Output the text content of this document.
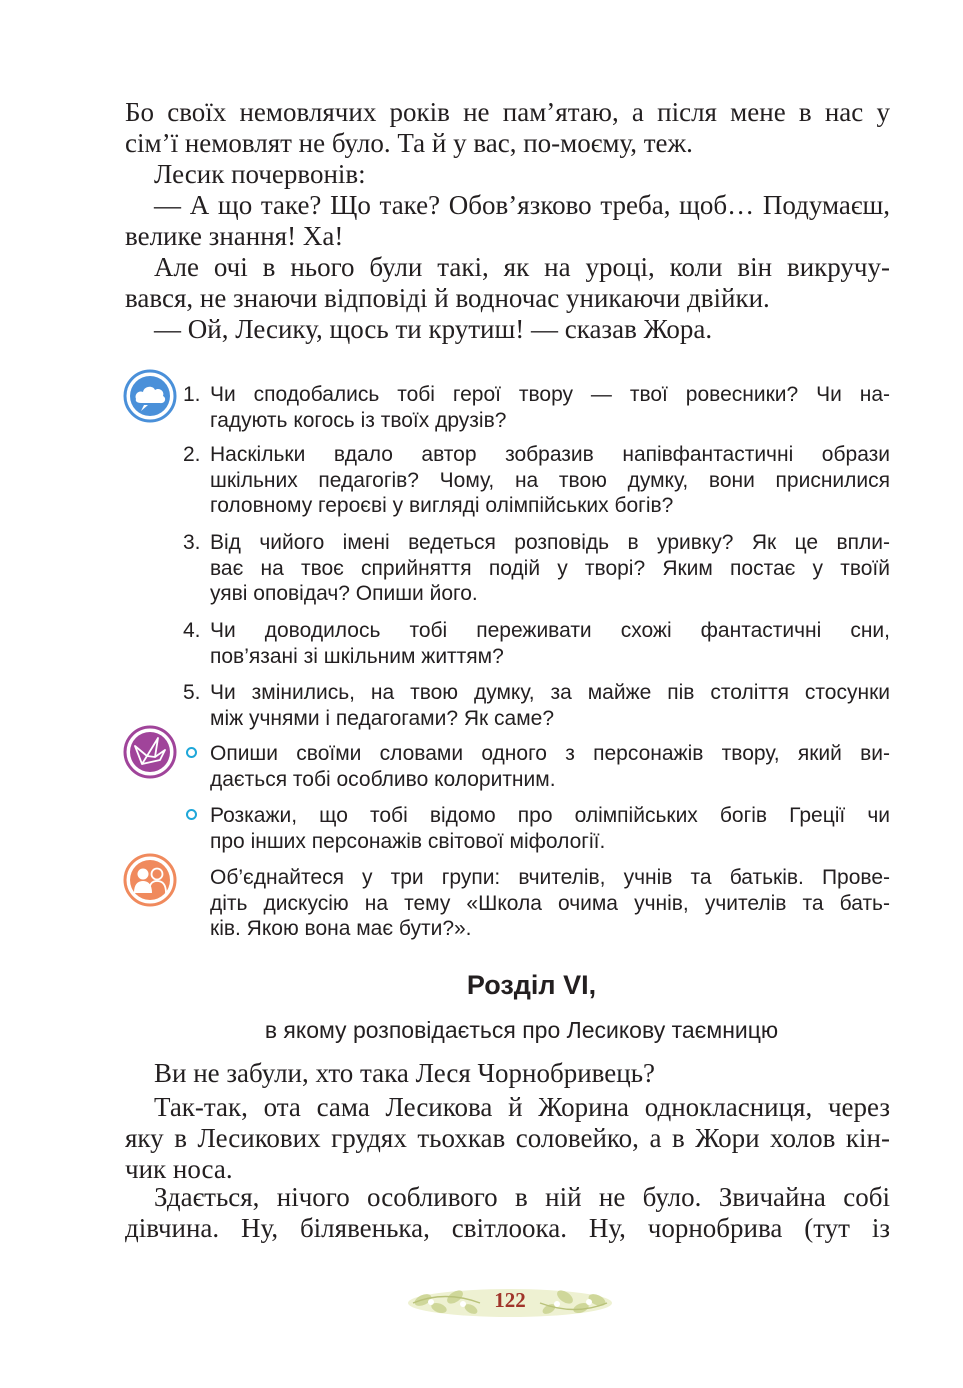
Бо своїх немовлячих років не пам’ятаю, а після мене в нас у
сім’ї немовлят не було. Та й у вас, по-моєму, теж.

Лесик почервонів:

— А що таке? Що таке? Обов’язково треба, щоб… Подумаєш,
велике знання! Ха!

Але очі в нього були такі, як на уроці, коли він викручу-
вався, не знаючи відповіді й водночас уникаючи двійки.

— Ой, Лесику, щось ти крутиш! — сказав Жора.

1. Чи сподобались тобі герої твору — твої ровесники? Чи на-
гадують когось із твоїх друзів?
2. Наскільки вдало автор зобразив напівфантастичні образи
шкільних педагогів? Чому, на твою думку, вони приснилися
головному героєві у вигляді олімпійських богів?
3. Від чийого імені ведеться розповідь в уривку? Як це впли-
ває на твоє сприйняття подій у творі? Яким постає у твоїй
уяві оповідач? Опиши його.
4. Чи доводилось тобі переживати схожі фантастичні сни,
пов’язані зі шкільним життям?
5. Чи змінились, на твою думку, за майже пів століття стосунки
між учнями і педагогами? Як саме?
Опиши своїми словами одного з персонажів твору, який ви-
дається тобі особливо колоритним.
Розкажи, що тобі відомо про олімпійських богів Греції чи
про інших персонажів світової міфології.
Об’єднайтеся у три групи: вчителів, учнів та батьків. Прове-
діть дискусію на тему «Школа очима учнів, учителів та бать-
ків. Якою вона має бути?».
Розділ VI,
в якому розповідається про Лесикову таємницю

Ви не забули, хто така Леся Чорнобривець?

Так-так, ота сама Лесикова й Жорина однокласниця, через
яку в Лесикових грудях тьохкав соловейко, а в Жори холов кін-
чик носа.

Здається, нічого особливого в ній не було. Звичайна собі
дівчина. Ну, білявенька, світлоока. Ну, чорнобрива (тут із

122
